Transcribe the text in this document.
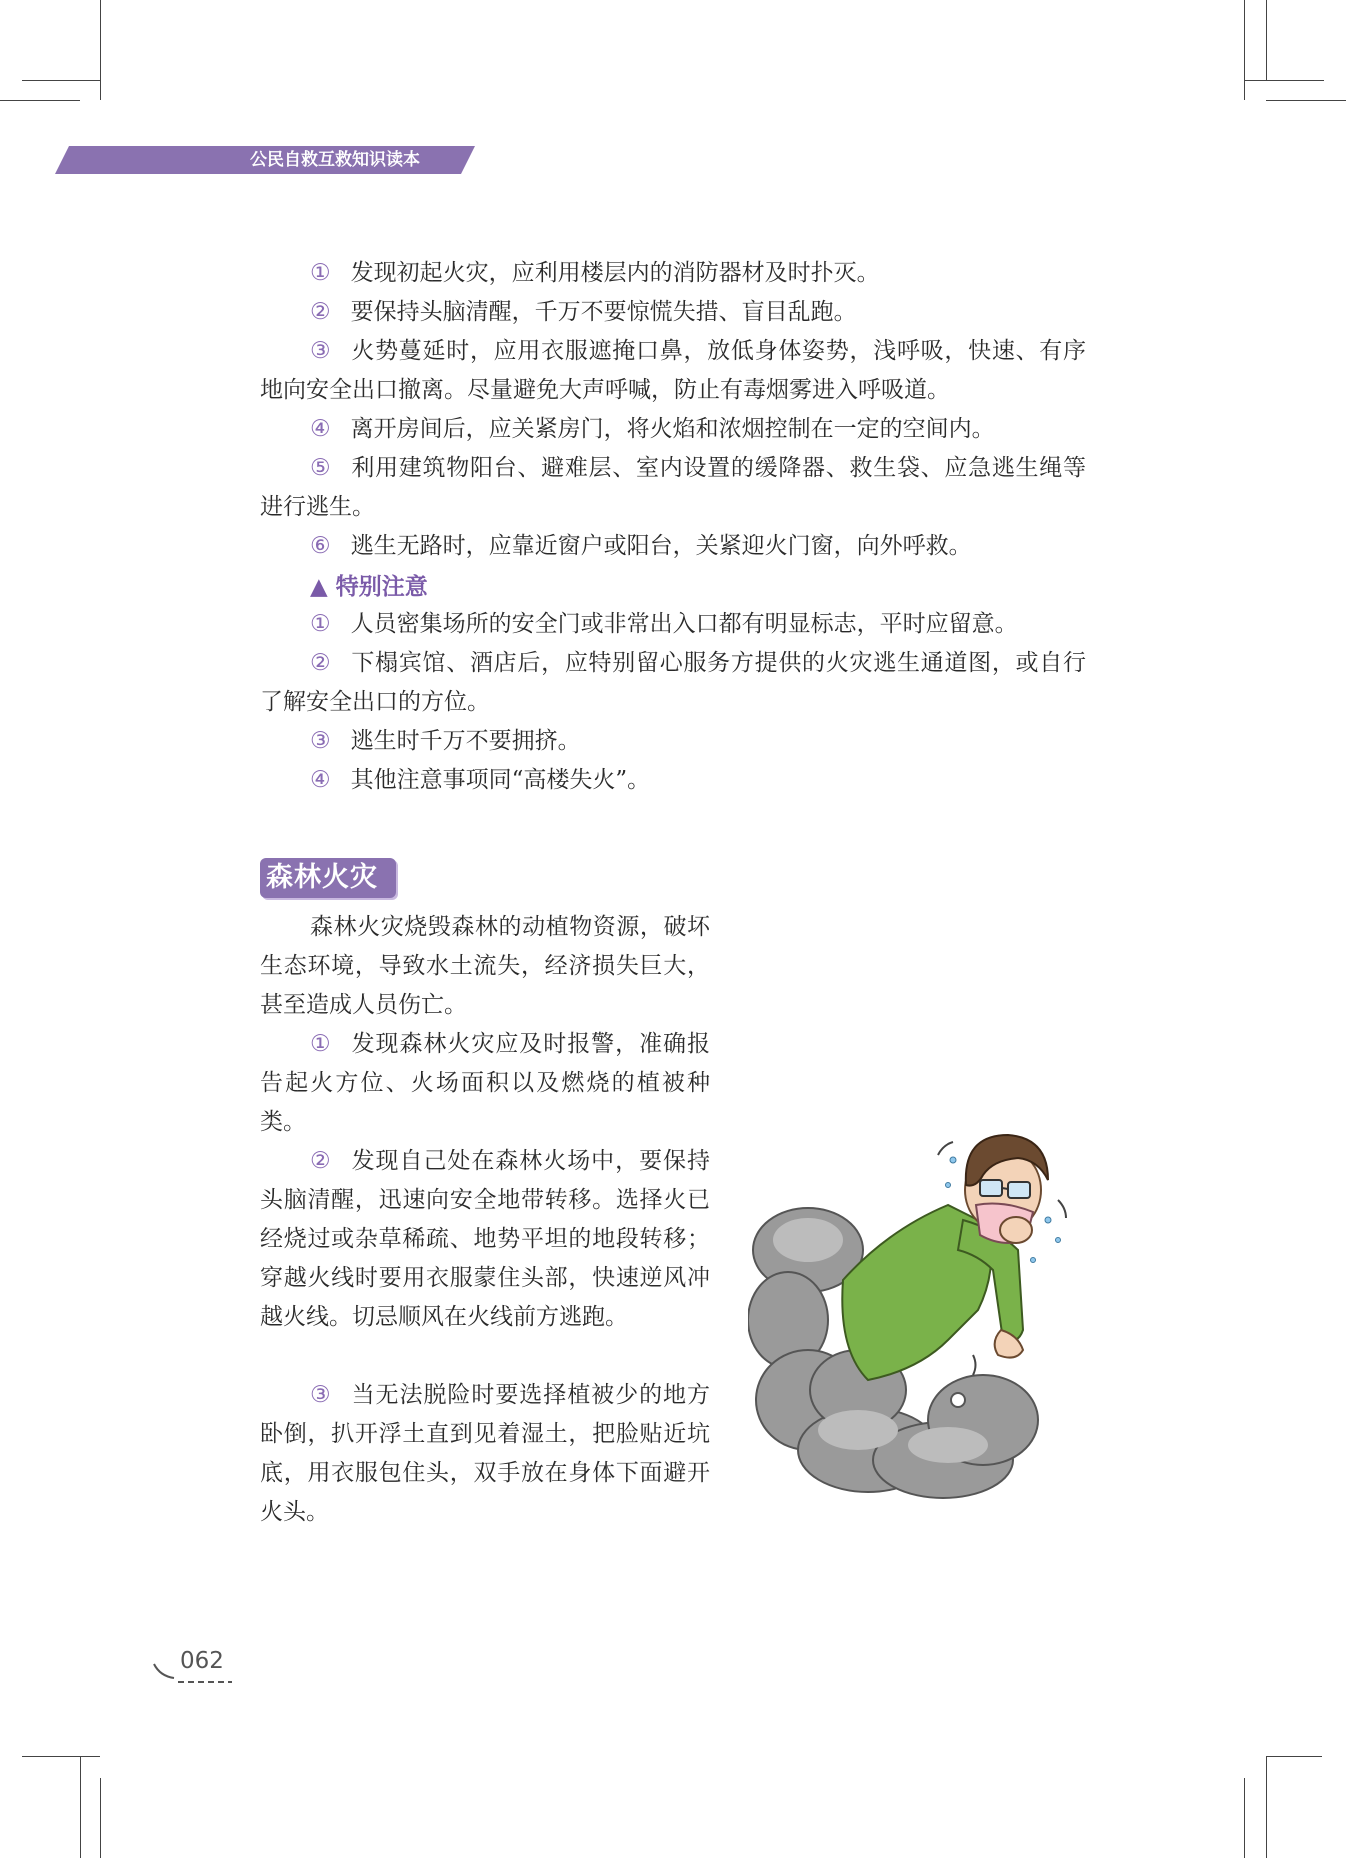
公民自救互救知识读本

① 发现初起火灾，应利用楼层内的消防器材及时扑灭。

② 要保持头脑清醒，千万不要惊慌失措、盲目乱跑。

③ 火势蔓延时，应用衣服遮掩口鼻，放低身体姿势，浅呼吸，快速、有序地向安全出口撤离。尽量避免大声呼喊，防止有毒烟雾进入呼吸道。

④ 离开房间后，应关紧房门，将火焰和浓烟控制在一定的空间内。

⑤ 利用建筑物阳台、避难层、室内设置的缓降器、救生袋、应急逃生绳等进行逃生。

⑥ 逃生无路时，应靠近窗户或阳台，关紧迎火门窗，向外呼救。

▲ 特别注意

① 人员密集场所的安全门或非常出入口都有明显标志，平时应留意。

② 下榻宾馆、酒店后，应特别留心服务方提供的火灾逃生通道图，或自行了解安全出口的方位。

③ 逃生时千万不要拥挤。

④ 其他注意事项同“高楼失火”。

森林火灾

森林火灾烧毁森林的动植物资源，破坏生态环境，导致水土流失，经济损失巨大，甚至造成人员伤亡。

① 发现森林火灾应及时报警，准确报告起火方位、火场面积以及燃烧的植被种类。

② 发现自己处在森林火场中，要保持头脑清醒，迅速向安全地带转移。选择火已经烧过或杂草稀疏、地势平坦的地段转移；穿越火线时要用衣服蒙住头部，快速逆风冲越火线。切忌顺风在火线前方逃跑。

③ 当无法脱险时要选择植被少的地方卧倒，扒开浮土直到见着湿土，把脸贴近坑底，用衣服包住头，双手放在身体下面避开火头。

062
